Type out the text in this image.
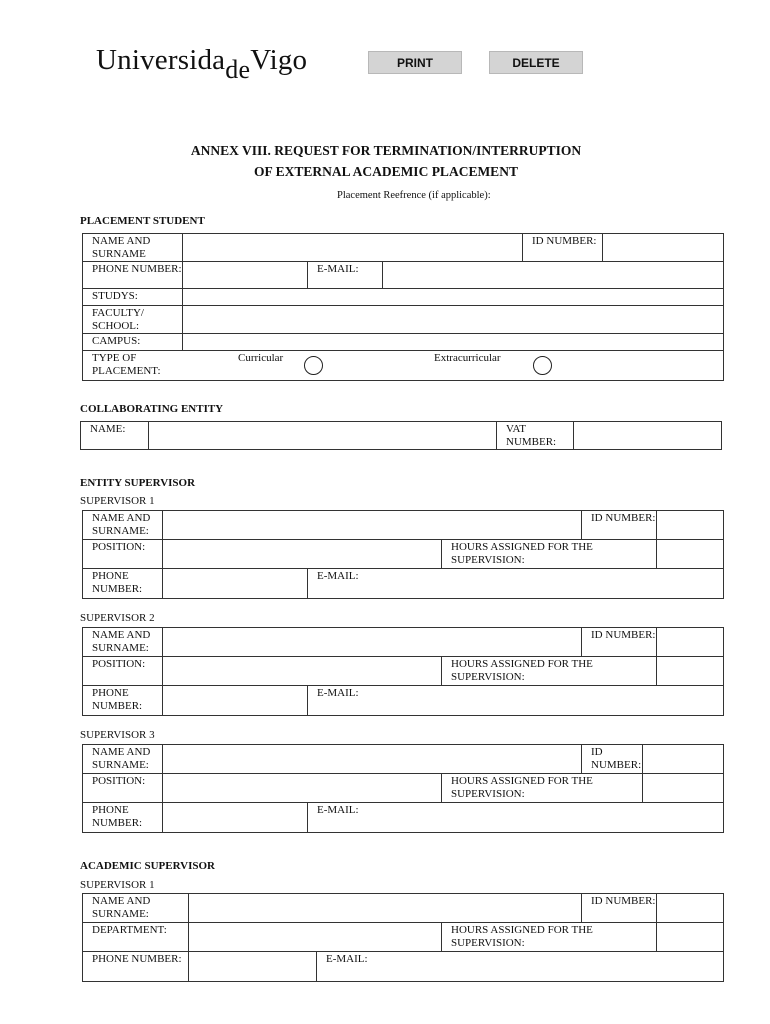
UniversidadeVigo	PRINT	DELETE
ANNEX VIII. REQUEST FOR TERMINATION/INTERRUPTION
OF EXTERNAL ACADEMIC PLACEMENT
Placement Reefrence (if applicable):
PLACEMENT STUDENT
NAME AND SURNAME				ID NUMBER:	
PHONE NUMBER:		E-MAIL:			
STUDYS:					
FACULTY/ SCHOOL:					
CAMPUS:					

TYPE OF PLACEMENT:
Curricular Extracurricular					
COLLABORATING ENTITY
NAME:		VAT NUMBER:	
ENTITY SUPERVISOR
SUPERVISOR 1
NAME AND SURNAME:				ID NUMBER:	
POSITION:			HOURS ASSIGNED FOR THE SUPERVISION:		
PHONE NUMBER:		E-MAIL:			
SUPERVISOR 2
NAME AND SURNAME:				ID NUMBER:	
POSITION:			HOURS ASSIGNED FOR THE SUPERVISION:		
PHONE NUMBER:		E-MAIL:			
SUPERVISOR 3
NAME AND SURNAME:				ID NUMBER:	
POSITION:			HOURS ASSIGNED FOR THE SUPERVISION:		
PHONE NUMBER:		E-MAIL:			
ACADEMIC SUPERVISOR
SUPERVISOR 1
NAME AND SURNAME:				ID NUMBER:	
DEPARTMENT:			HOURS ASSIGNED FOR THE SUPERVISION:		
PHONE NUMBER:		E-MAIL:			
